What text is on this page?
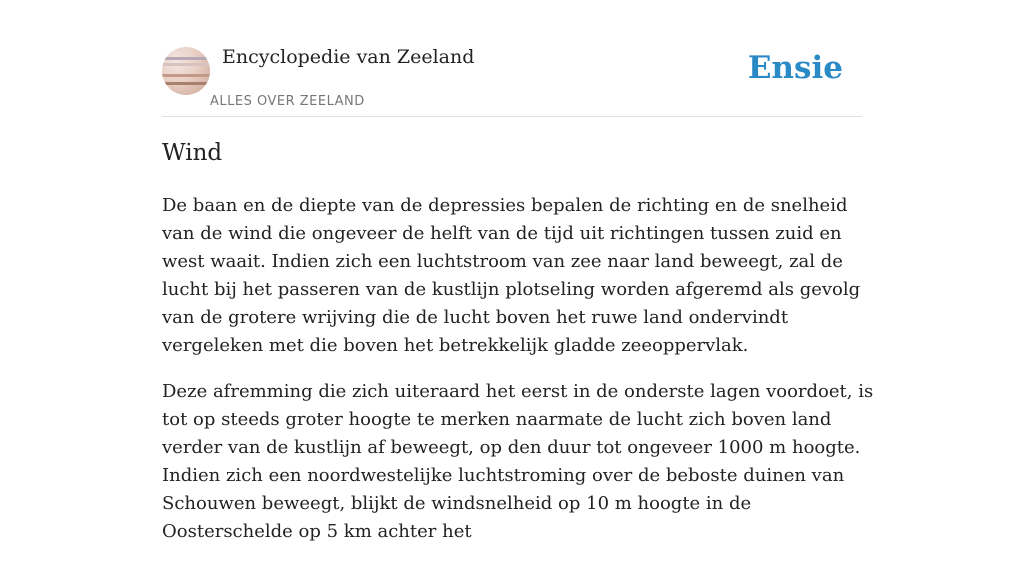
Encyclopedie van Zeeland
ALLES OVER ZEELAND
Ensie
Wind

De baan en de diepte van de depressies bepalen de richting en de snelheid van de wind die ongeveer de helft van de tijd uit richtingen tussen zuid en west waait. Indien zich een luchtstroom van zee naar land beweegt, zal de lucht bij het passeren van de kustlijn plotseling worden afgeremd als gevolg van de grotere wrijving die de lucht boven het ruwe land ondervindt vergeleken met die boven het betrekkelijk gladde zeeoppervlak.

Deze afremming die zich uiteraard het eerst in de onderste lagen voordoet, is tot op steeds groter hoogte te merken naarmate de lucht zich boven land verder van de kustlijn af beweegt, op den duur tot ongeveer 1000 m hoogte. Indien zich een noordwestelijke luchtstroming over de beboste duinen van Schouwen beweegt, blijkt de windsnelheid op 10 m hoogte in de Oosterschelde op 5 km achter het
